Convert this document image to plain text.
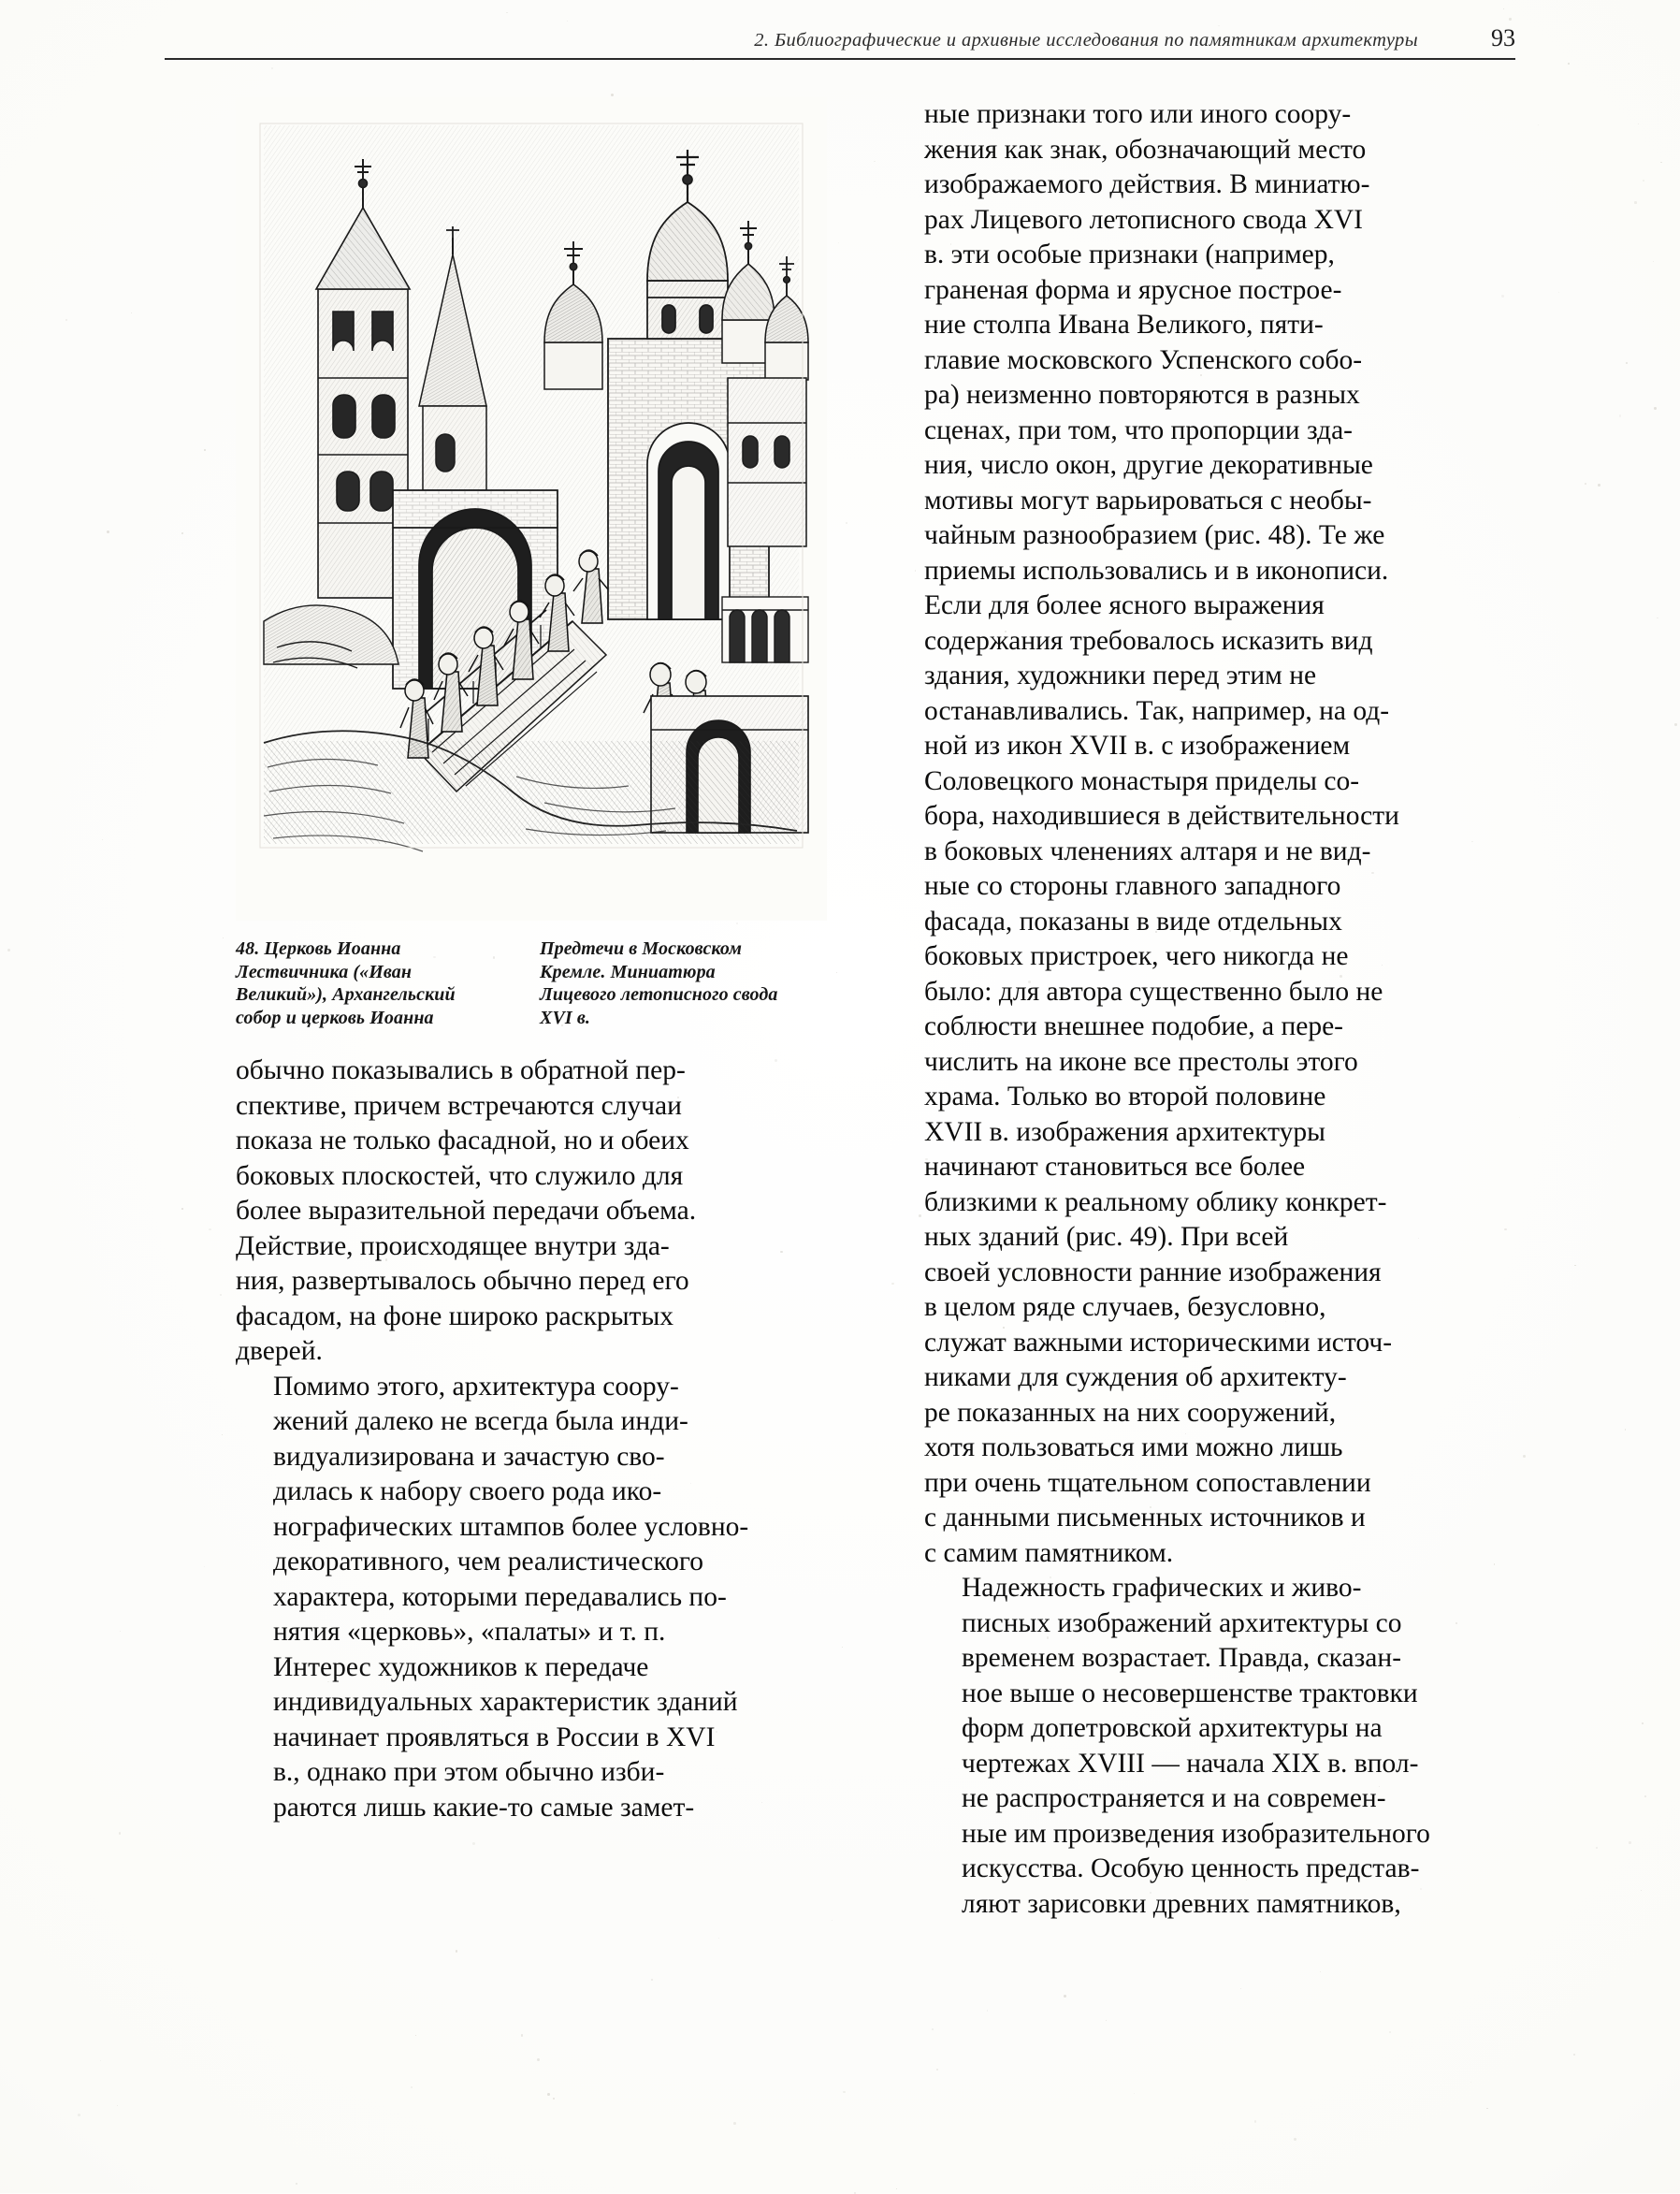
2. Библиографические и архивные исследования по памятникам архитектуры	93
48. Церковь Иоанна
Лествичника («Иван
Великий»), Архангельский
собор и церковь Иоанна
Предтечи в Московском
Кремле. Миниатюра
Лицевого летописного свода
XVI в.

обычно показывались в обратной пер-
спективе, причем встречаются случаи
показа не только фасадной, но и обеих
боковых плоскостей, что служило для
более выразительной передачи объема.
Действие, происходящее внутри зда-
ния, развертывалось обычно перед его
фасадом, на фоне широко раскрытых
дверей.

Помимо этого, архитектура соору-
жений далеко не всегда была инди-
видуализирована и зачастую сво-
дилась к набору своего рода ико-
нографических штампов более условно-
декоративного, чем реалистического
характера, которыми передавались по-
нятия «церковь», «палаты» и т. п.

Интерес художников к передаче
индивидуальных характеристик зданий
начинает проявляться в России в XVI
в., однако при этом обычно изби-
раются лишь какие-то самые замет-

ные признаки того или иного соору-
жения как знак, обозначающий место
изображаемого действия. В миниатю-
рах Лицевого летописного свода XVI
в. эти особые признаки (например,
граненая форма и ярусное построе-
ние столпа Ивана Великого, пяти-
главие московского Успенского собо-
ра) неизменно повторяются в разных
сценах, при том, что пропорции зда-
ния, число окон, другие декоративные
мотивы могут варьироваться с необы-
чайным разнообразием (рис. 48). Те же
приемы использовались и в иконописи.
Если для более ясного выражения
содержания требовалось исказить вид
здания, художники перед этим не
останавливались. Так, например, на од-
ной из икон XVII в. с изображением
Соловецкого монастыря приделы со-
бора, находившиеся в действительности
в боковых членениях алтаря и не вид-
ные со стороны главного западного
фасада, показаны в виде отдельных
боковых пристроек, чего никогда не
было: для автора существенно было не
соблюсти внешнее подобие, а пере-
числить на иконе все престолы этого
храма. Только во второй половине
XVII в. изображения архитектуры
начинают становиться все более
близкими к реальному облику конкрет-
ных зданий (рис. 49). При всей
своей условности ранние изображения
в целом ряде случаев, безусловно,
служат важными историческими источ-
никами для суждения об архитекту-
ре показанных на них сооружений,
хотя пользоваться ими можно лишь
при очень тщательном сопоставлении
с данными письменных источников и
с самим памятником.

Надежность графических и живо-
писных изображений архитектуры со
временем возрастает. Правда, сказан-
ное выше о несовершенстве трактовки
форм допетровской архитектуры на
чертежах XVIII — начала XIX в. впол-
не распространяется и на современ-
ные им произведения изобразительного
искусства. Особую ценность представ-
ляют зарисовки древних памятников,
